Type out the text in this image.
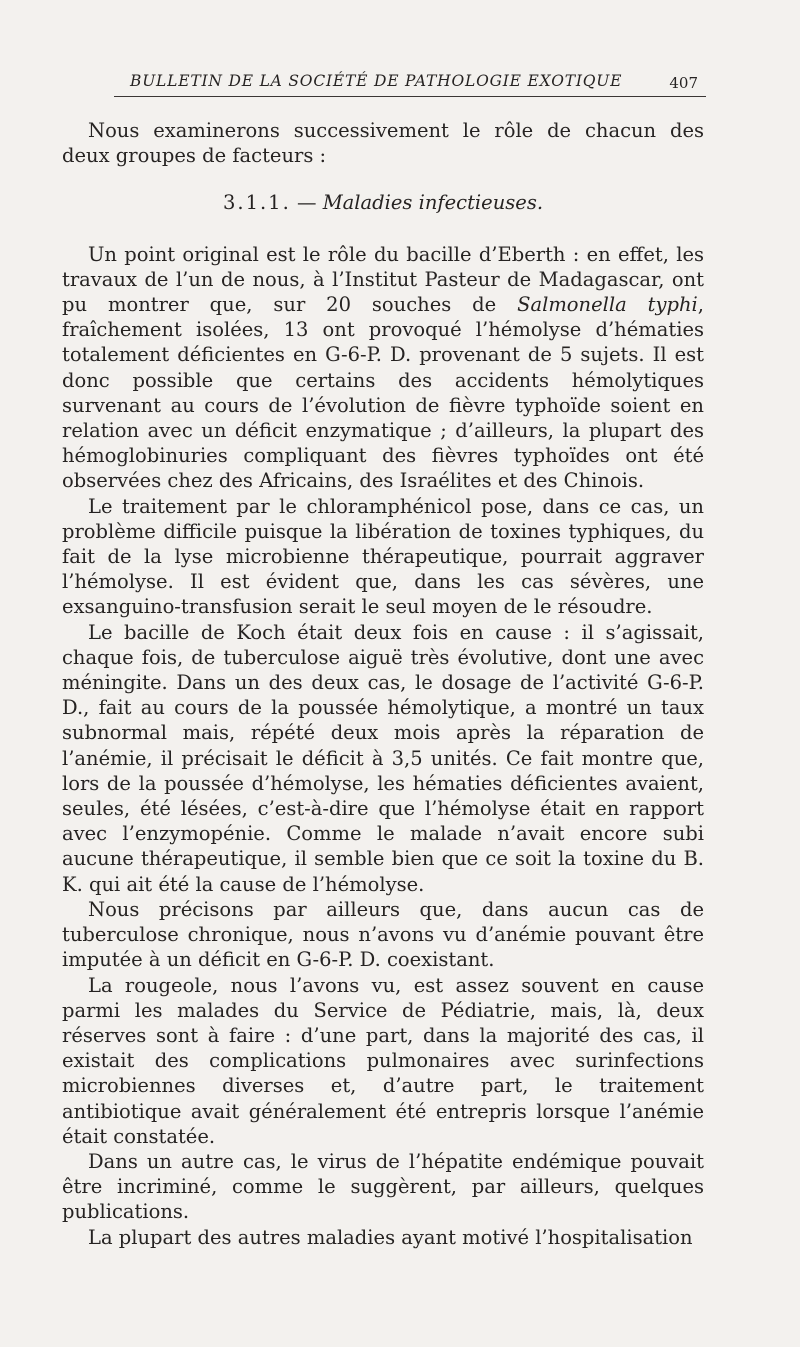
BULLETIN DE LA SOCIÉTÉ DE PATHOLOGIE EXOTIQUE	407

Nous examinerons successivement le rôle de chacun des deux groupes de facteurs :

3.1.1. — Maladies infectieuses.

Un point original est le rôle du bacille d’Eberth : en effet, les travaux de l’un de nous, à l’Institut Pasteur de Madagascar, ont pu montrer que, sur 20 souches de Salmonella typhi, fraîchement isolées, 13 ont provoqué l’hémolyse d’hématies totalement déficientes en G-6-P. D. provenant de 5 sujets. Il est donc possible que certains des accidents hémolytiques survenant au cours de l’évolution de fièvre typhoïde soient en relation avec un déficit enzymatique ; d’ailleurs, la plupart des hémoglobinuries compliquant des fièvres typhoïdes ont été observées chez des Africains, des Israélites et des Chinois.

Le traitement par le chloramphénicol pose, dans ce cas, un problème difficile puisque la libération de toxines typhiques, du fait de la lyse microbienne thérapeutique, pourrait aggraver l’hémolyse. Il est évident que, dans les cas sévères, une exsanguino-transfusion serait le seul moyen de le résoudre.

Le bacille de Koch était deux fois en cause : il s’agissait, chaque fois, de tuberculose aiguë très évolutive, dont une avec méningite. Dans un des deux cas, le dosage de l’activité G-6-P. D., fait au cours de la poussée hémolytique, a montré un taux subnormal mais, répété deux mois après la réparation de l’anémie, il précisait le déficit à 3,5 unités. Ce fait montre que, lors de la poussée d’hémolyse, les hématies déficientes avaient, seules, été lésées, c’est-à-dire que l’hémolyse était en rapport avec l’enzymopénie. Comme le malade n’avait encore subi aucune thérapeutique, il semble bien que ce soit la toxine du B. K. qui ait été la cause de l’hémolyse.

Nous précisons par ailleurs que, dans aucun cas de tuberculose chronique, nous n’avons vu d’anémie pouvant être imputée à un déficit en G-6-P. D. coexistant.

La rougeole, nous l’avons vu, est assez souvent en cause parmi les malades du Service de Pédiatrie, mais, là, deux réserves sont à faire : d’une part, dans la majorité des cas, il existait des complications pulmonaires avec surinfections microbiennes diverses et, d’autre part, le traitement antibiotique avait généralement été entrepris lorsque l’anémie était constatée.

Dans un autre cas, le virus de l’hépatite endémique pouvait être incriminé, comme le suggèrent, par ailleurs, quelques publications.

La plupart des autres maladies ayant motivé l’hospitalisation
